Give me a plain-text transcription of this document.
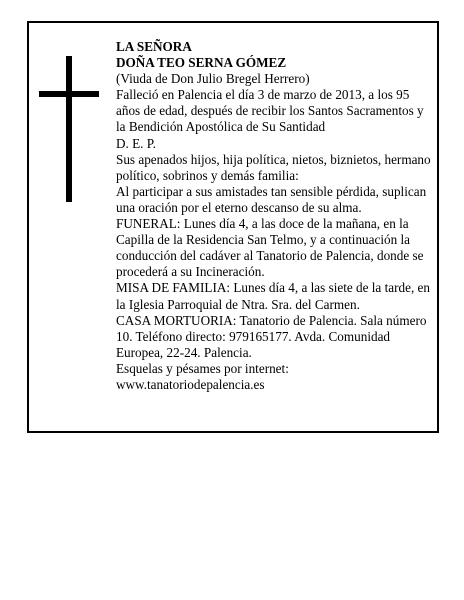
LA SEÑORA

DOÑA TEO SERNA GÓMEZ

(Viuda de Don Julio Bregel Herrero)

Falleció en Palencia el día 3 de marzo de 2013, a los 95 años de edad, después de recibir los Santos Sacramentos y la Bendición Apostólica de Su Santidad

D. E. P.

Sus apenados hijos, hija política, nietos, biznietos, hermano político, sobrinos y demás familia:

Al participar a sus amistades tan sensible pérdida, suplican una oración por el eterno descanso de su alma.

FUNERAL: Lunes día 4, a las doce de la mañana, en la Capilla de la Residencia San Telmo, y a continuación la conducción del cadáver al Tanatorio de Palencia, donde se procederá a su Incineración.

MISA DE FAMILIA: Lunes día 4, a las siete de la tarde, en la Iglesia Parroquial de Ntra. Sra. del Carmen.

CASA MORTUORIA: Tanatorio de Palencia. Sala número 10. Teléfono directo: 979165177. Avda. Comunidad Europea, 22-24. Palencia.

Esquelas y pésames por internet:

www.tanatoriodepalencia.es
